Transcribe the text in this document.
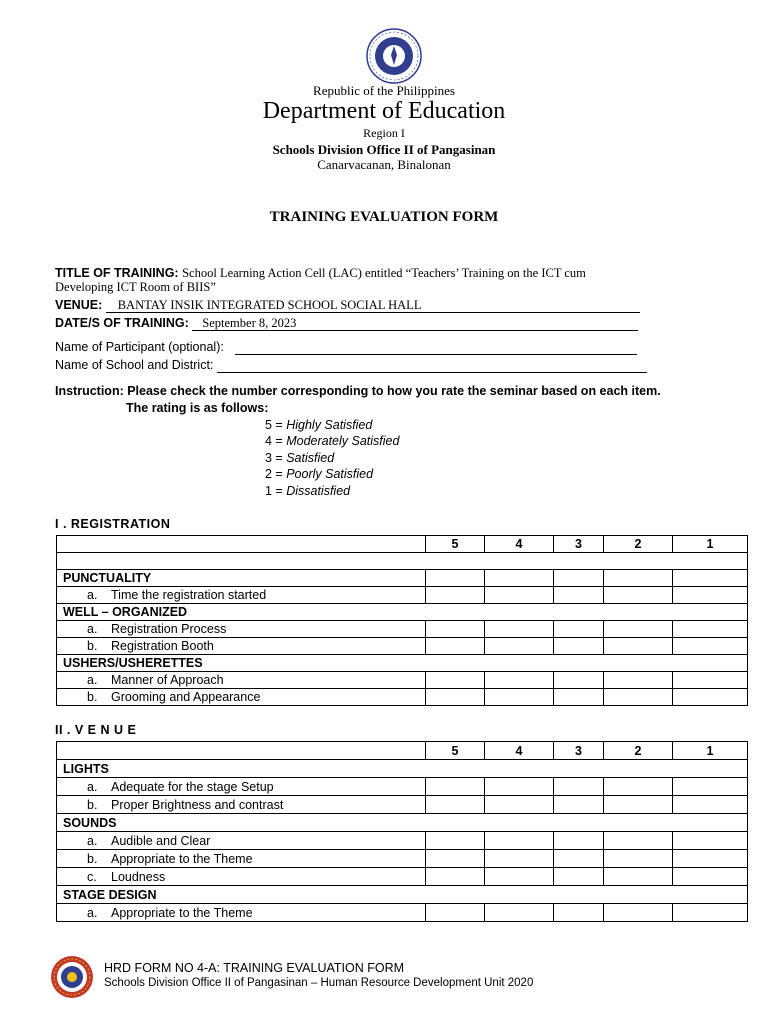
Republic of the Philippines
Department of Education
Region I
Schools Division Office II of Pangasinan
Canarvacanan, Binalonan
TRAINING EVALUATION FORM
TITLE OF TRAINING: School Learning Action Cell (LAC) entitled “Teachers’ Training on the ICT cum
Developing ICT Room of BIIS”
VENUE: BANTAY INSIK INTEGRATED SCHOOL SOCIAL HALL
DATE/S OF TRAINING: September 8, 2023
Name of Participant (optional):
Name of School and District:
Instruction: Please check the number corresponding to how you rate the seminar based on each item.
The rating is as follows:
5 = Highly Satisfied
4 = Moderately Satisfied
3 = Satisfied
2 = Poorly Satisfied
1 = Dissatisfied
I . REGISTRATION
	5	4	3	2	1

PUNCTUALITY					
a. Time the registration started					
WELL – ORGANIZED					
a. Registration Process					
b. Registration Booth					
USHERS/USHERETTES					
a. Manner of Approach					
b. Grooming and Appearance					
II . V E N U E
	5	4	3	2	1
LIGHTS					
a. Adequate for the stage Setup					
b. Proper Brightness and contrast					
SOUNDS					
a. Audible and Clear					
b. Appropriate to the Theme					
c. Loudness					
STAGE DESIGN					
a. Appropriate to the Theme					
HRD FORM NO 4-A: TRAINING EVALUATION FORM
Schools Division Office II of Pangasinan – Human Resource Development Unit 2020
